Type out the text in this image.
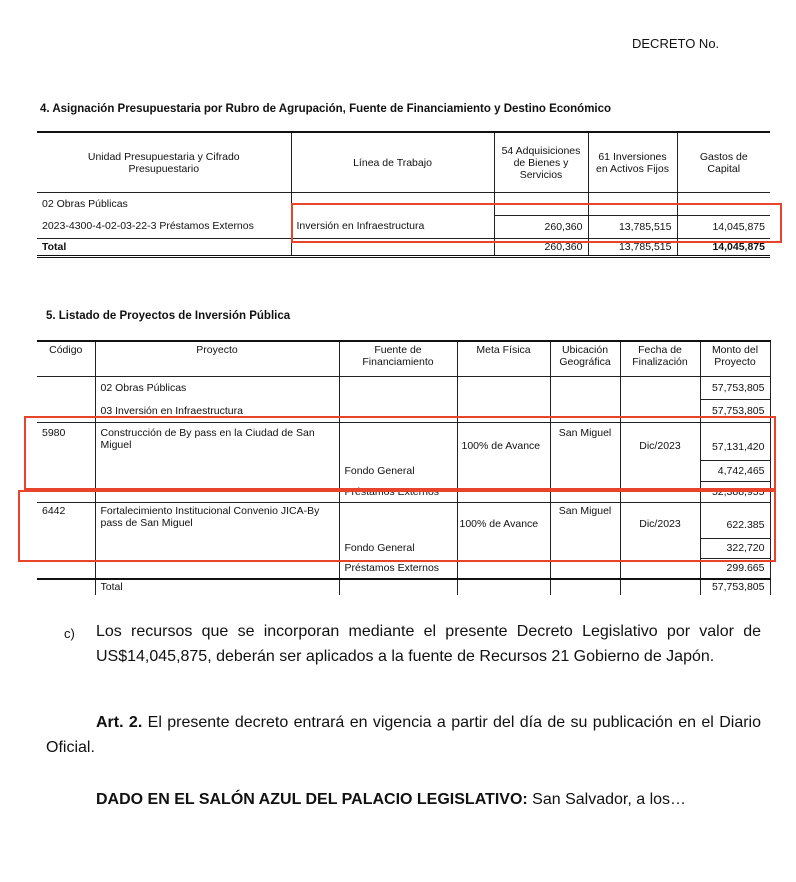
DECRETO No.
4. Asignación Presupuestaria por Rubro de Agrupación, Fuente de Financiamiento y Destino Económico
Unidad Presupuestaria y Cifrado Presupuestario	Línea de Trabajo	54 Adquisiciones de Bienes y Servicios	61 Inversiones en Activos Fijos	Gastos de Capital
02 Obras Públicas				
2023-4300-4-02-03-22-3 Préstamos Externos	Inversión en Infraestructura	260,360	13,785,515	14,045,875
Total		260,360	13,785,515	14,045,875
5. Listado de Proyectos de Inversión Pública
Código	Proyecto	Fuente de Financiamiento	Meta Física	Ubicación Geográfica	Fecha de Finalización	Monto del Proyecto
	02 Obras Públicas					57,753,805
	03 Inversión en Infraestructura					57,753,805
5980	Construcción de By pass en la Ciudad de San Miguel		100% de Avance	San Miguel	Dic/2023	57,131,420
		Fondo General				4,742,465
		Préstamos Externos				52,388,955
6442	Fortalecimiento Institucional Convenio JICA-By pass de San Miguel		100% de Avance	San Miguel	Dic/2023	622.385
		Fondo General				322,720
		Préstamos Externos				299.665
	Total					57,753,805
c)	Los recursos que se incorporan mediante el presente Decreto Legislativo por valor de US$14,045,875, deberán ser aplicados a la fuente de Recursos 21 Gobierno de Japón.
Art. 2. El presente decreto entrará en vigencia a partir del día de su publicación en el Diario Oficial.
DADO EN EL SALÓN AZUL DEL PALACIO LEGISLATIVO: San Salvador, a los…
